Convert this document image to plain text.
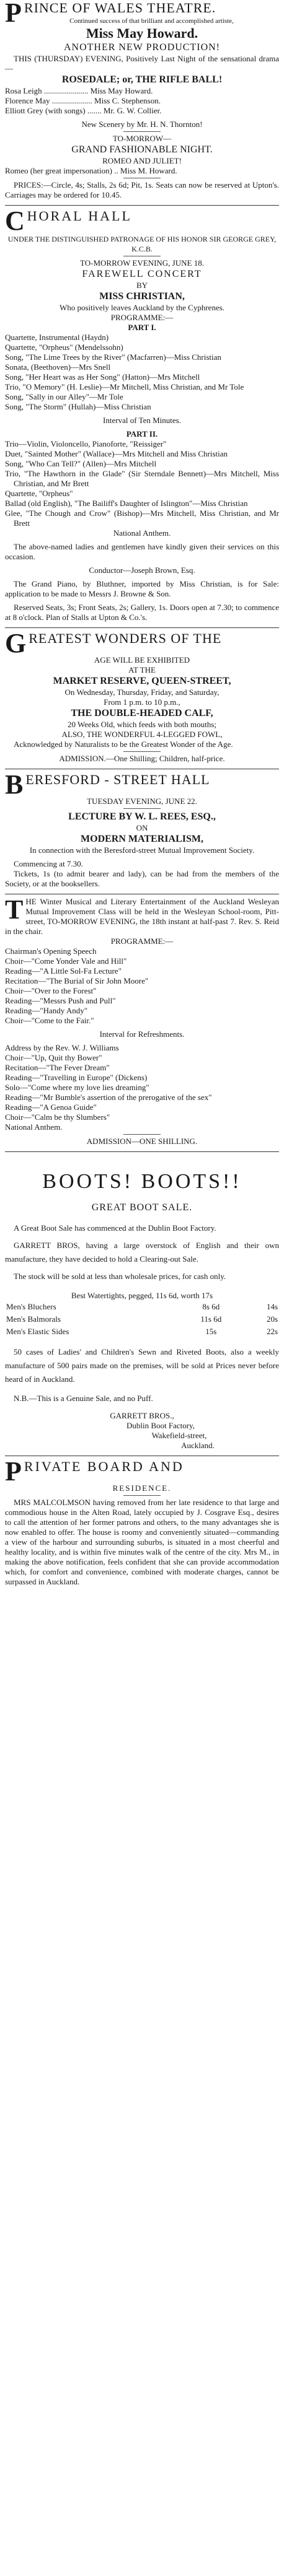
P RINCE OF WALES THEATRE.

Continued success of that brilliant and accomplished artiste,

Miss May Howard.

ANOTHER NEW PRODUCTION!

THIS (THURSDAY) EVENING, Positively Last Night of the sensational drama—

ROSEDALE; or, THE RIFLE BALL!

Rosa Leigh ...................... Miss May Howard.

Florence May .................... Miss C. Stephenson.

Elliott Grey (with songs) ....... Mr. G. W. Collier.

New Scenery by Mr. H. N. Thornton!

TO-MORROW—

GRAND FASHIONABLE NIGHT.

ROMEO AND JULIET!

Romeo (her great impersonation) .. Miss M. Howard.

PRICES:—Circle, 4s; Stalls, 2s 6d; Pit, 1s. Seats can now be reserved at Upton's. Carriages may be ordered for 10.45.

C HORAL HALL

UNDER THE DISTINGUISHED PATRONAGE OF HIS HONOR SIR GEORGE GREY, K.C.B.

TO-MORROW EVENING, JUNE 18.

FAREWELL CONCERT

BY

MISS CHRISTIAN,

Who positively leaves Auckland by the Cyphrenes.

PROGRAMME:—

PART I.

Quartette, Instrumental (Haydn)

Quartette, "Orpheus" (Mendelssohn)

Song, "The Lime Trees by the River" (Macfarren)—Miss Christian

Sonata, (Beethoven)—Mrs Snell

Song, "Her Heart was as Her Song" (Hatton)—Mrs Mitchell

Trio, "O Memory" (H. Leslie)—Mr Mitchell, Miss Christian, and Mr Tole

Song, "Sally in our Alley"—Mr Tole

Song, "The Storm" (Hullah)—Miss Christian

Interval of Ten Minutes.

PART II.

Trio—Violin, Violoncello, Pianoforte, "Reissiger"

Duet, "Sainted Mother" (Wallace)—Mrs Mitchell and Miss Christian

Song, "Who Can Tell?" (Allen)—Mrs Mitchell

Trio, "The Hawthorn in the Glade" (Sir Sterndale Bennett)—Mrs Mitchell, Miss Christian, and Mr Brett

Quartette, "Orpheus"

Ballad (old English), "The Bailiff's Daughter of Islington"—Miss Christian

Glee, "The Chough and Crow" (Bishop)—Mrs Mitchell, Miss Christian, and Mr Brett

National Anthem.

The above-named ladies and gentlemen have kindly given their services on this occasion.

Conductor—Joseph Brown, Esq.

The Grand Piano, by Bluthner, imported by Miss Christian, is for Sale: application to be made to Messrs J. Browne & Son.

Reserved Seats, 3s; Front Seats, 2s; Gallery, 1s. Doors open at 7.30; to commence at 8 o'clock. Plan of Stalls at Upton & Co.'s.

G REATEST WONDERS OF THE

AGE WILL BE EXHIBITED

AT THE

MARKET RESERVE, QUEEN-STREET,

On Wednesday, Thursday, Friday, and Saturday,

From 1 p.m. to 10 p.m.,

THE DOUBLE-HEADED CALF,

20 Weeks Old, which feeds with both mouths;

ALSO, THE WONDERFUL 4-LEGGED FOWL,

Acknowledged by Naturalists to be the Greatest Wonder of the Age.

ADMISSION.—One Shilling; Children, half-price.

B ERESFORD - STREET HALL

TUESDAY EVENING, JUNE 22.

LECTURE BY W. L. REES, ESQ.,

ON

MODERN MATERIALISM,

In connection with the Beresford-street Mutual Improvement Society.

Commencing at 7.30.

Tickets, 1s (to admit bearer and lady), can be had from the members of the Society, or at the booksellers.

T HE Winter Musical and Literary Entertainment of the Auckland Wesleyan Mutual Improvement Class will be held in the Wesleyan School-room, Pitt-street, TO-MORROW EVENING, the 18th instant at half-past 7. Rev. S. Reid in the chair.

PROGRAMME:—

Chairman's Opening Speech

Choir—"Come Yonder Vale and Hill"

Reading—"A Little Sol-Fa Lecture"

Recitation—"The Burial of Sir John Moore"

Choir—"Over to the Forest"

Reading—"Messrs Push and Pull"

Reading—"Handy Andy"

Choir—"Come to the Fair."

Interval for Refreshments.

Address by the Rev. W. J. Williams

Choir—"Up, Quit thy Bower"

Recitation—"The Fever Dream"

Reading—"Travelling in Europe" (Dickens)

Solo—"Come where my love lies dreaming"

Reading—"Mr Bumble's assertion of the prerogative of the sex"

Reading—"A Genoa Guide"

Choir—"Calm be thy Slumbers"

National Anthem.

ADMISSION—ONE SHILLING.

BOOTS! BOOTS!!

GREAT BOOT SALE.

A Great Boot Sale has commenced at the Dublin Boot Factory.

GARRETT BROS, having a large overstock of English and their own manufacture, they have decided to hold a Clearing-out Sale.

The stock will be sold at less than wholesale prices, for cash only.

Best Watertights, pegged, 11s 6d, worth 17s

Men's Bluchers	8s 6d	14s
Men's Balmorals	11s 6d	20s
Men's Elastic Sides	15s	22s

50 cases of Ladies' and Children's Sewn and Riveted Boots, also a weekly manufacture of 500 pairs made on the premises, will be sold at Prices never before heard of in Auckland.

N.B.—This is a Genuine Sale, and no Puff.

GARRETT BROS.,

Dublin Boot Factory,

Wakefield-street,

Auckland.

P RIVATE BOARD AND

RESIDENCE.

MRS MALCOLMSON having removed from her late residence to that large and commodious house in the Alten Road, lately occupied by J. Cosgrave Esq., desires to call the attention of her former patrons and others, to the many advantages she is now enabled to offer. The house is roomy and conveniently situated—commanding a view of the harbour and surrounding suburbs, is situated in a most cheerful and healthy locality, and is within five minutes walk of the centre of the city. Mrs M., in making the above notification, feels confident that she can provide accommodation which, for comfort and convenience, combined with moderate charges, cannot be surpassed in Auckland.
